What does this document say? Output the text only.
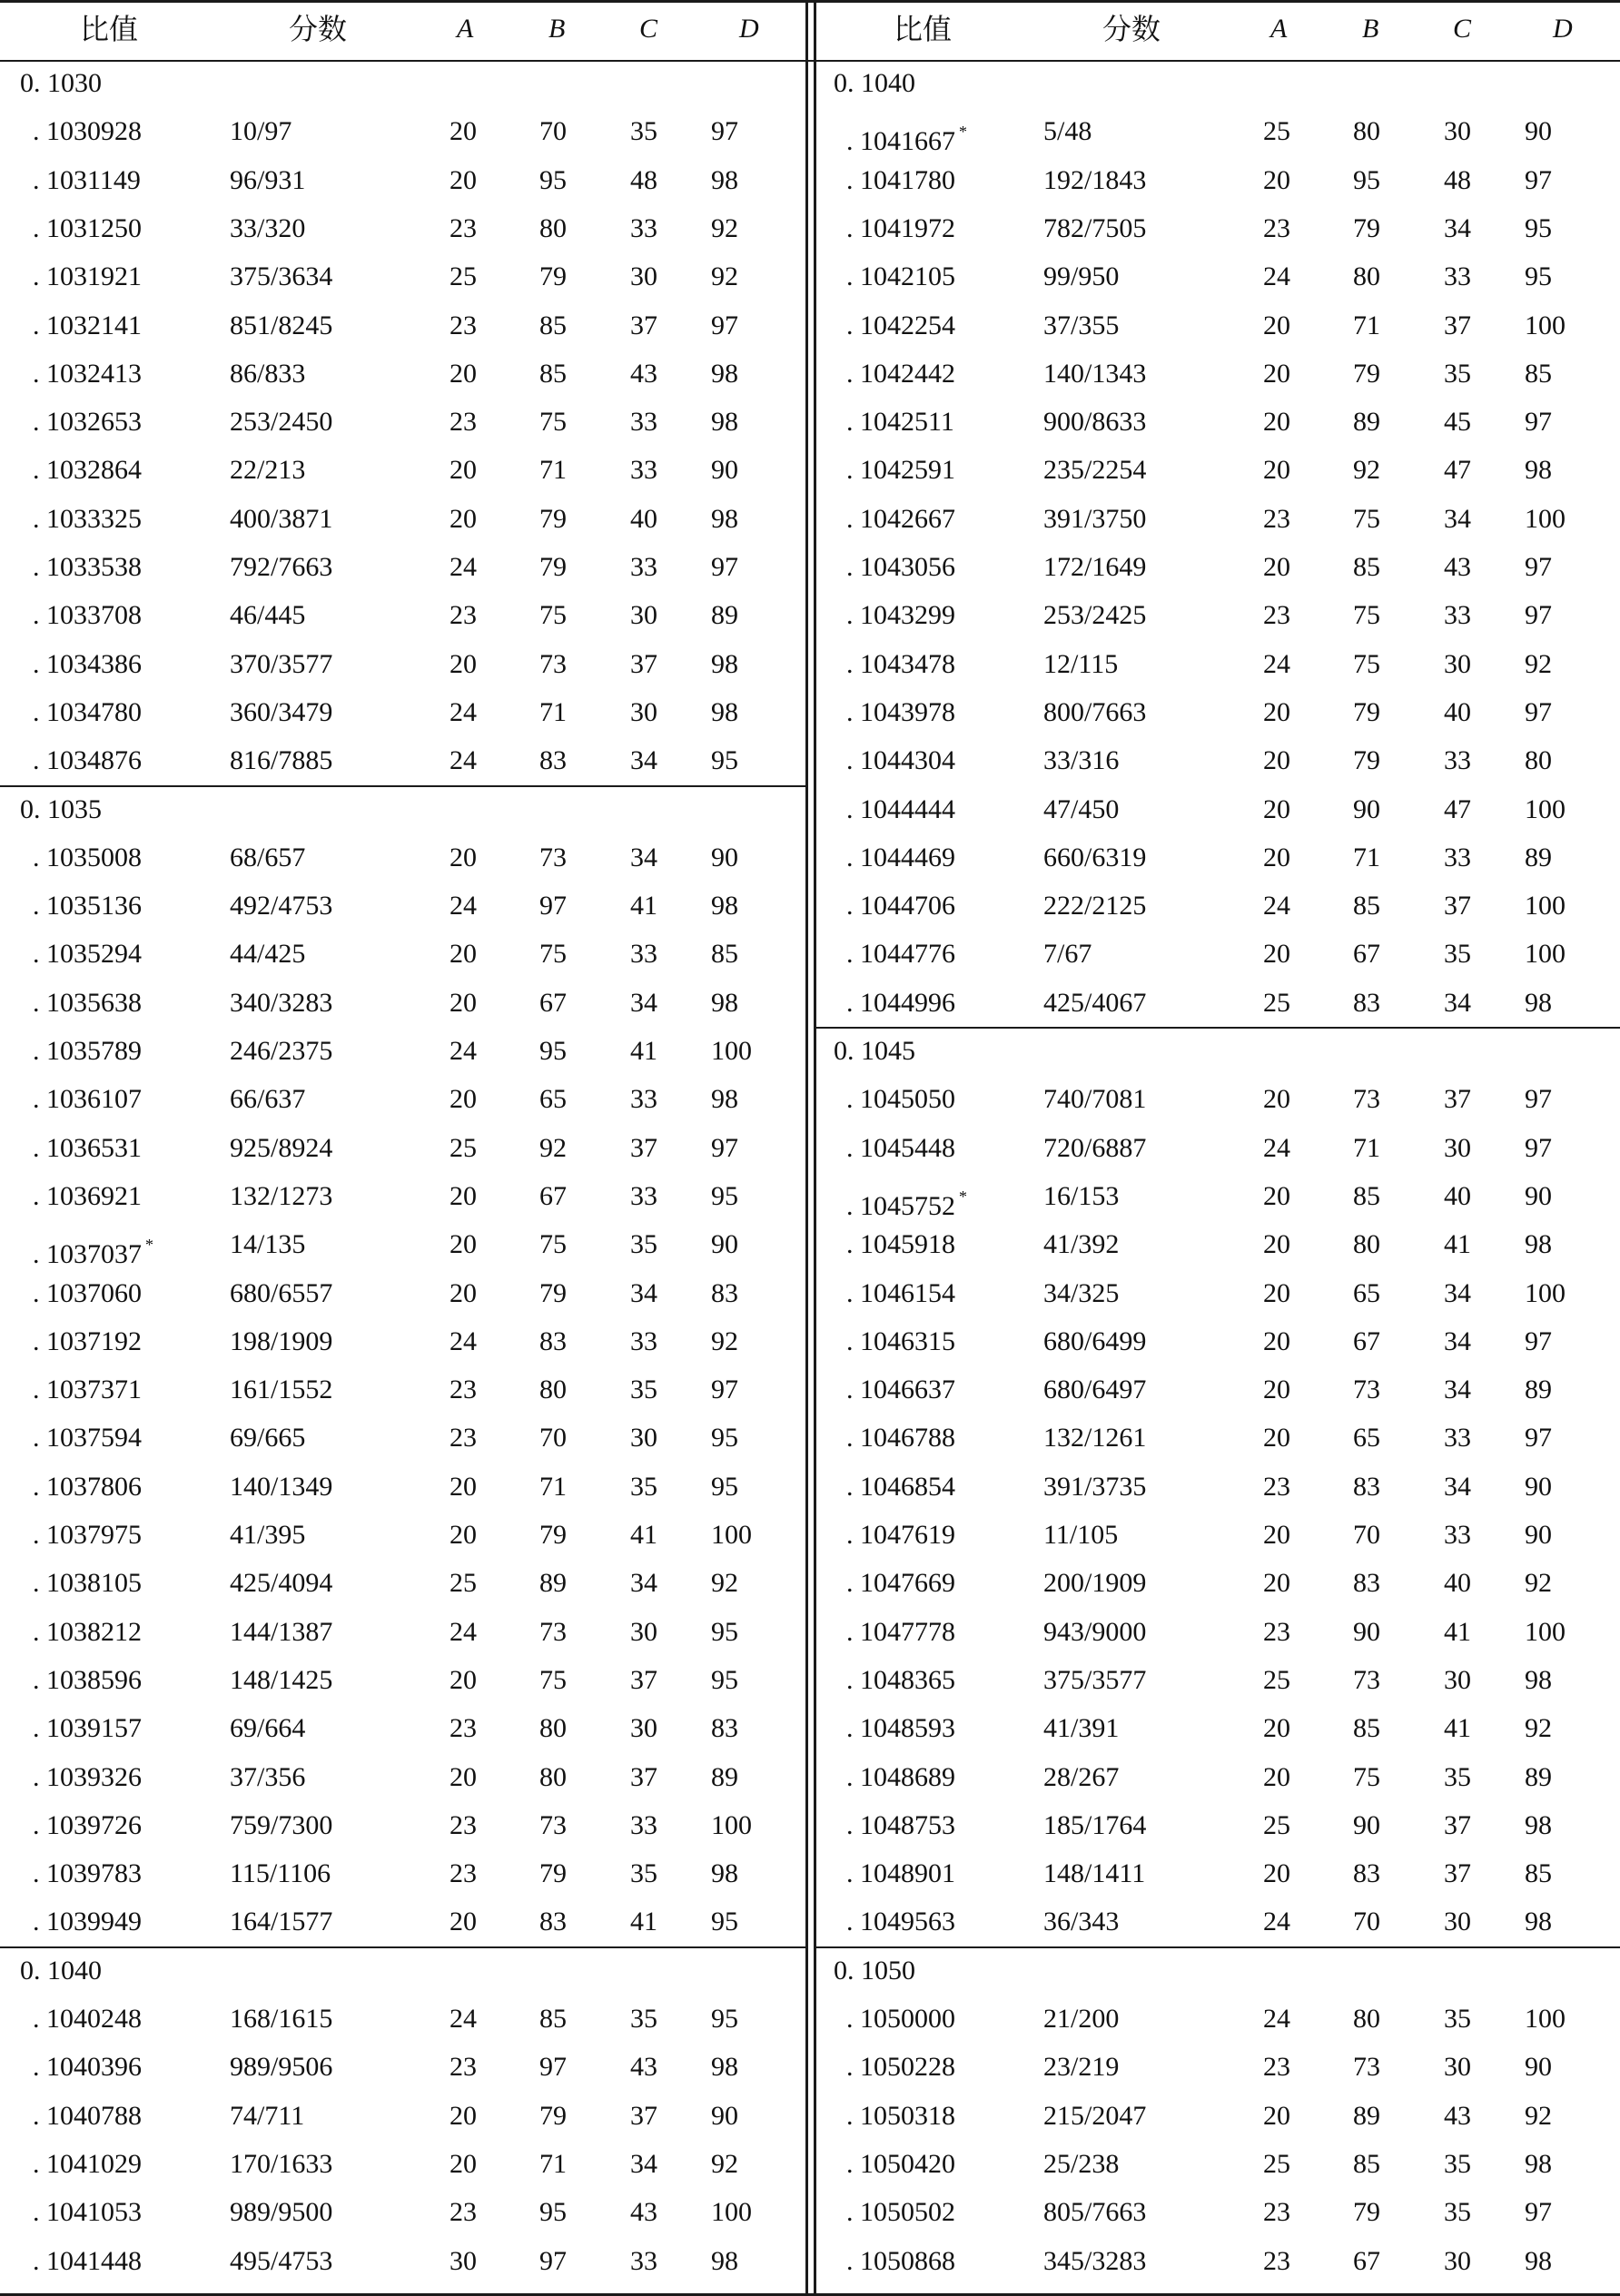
比值	分数	A	B	C	D
0. 1030
. 1030928	10/97	20 70 35 97
. 1031149	96/931	20 95 48 98
. 1031250	33/320	23 80 33 92
. 1031921	375/3634	25 79 30 92
. 1032141	851/8245	23 85 37 97
. 1032413	86/833	20 85 43 98
. 1032653	253/2450	23 75 33 98
. 1032864	22/213	20 71 33 90
. 1033325	400/3871	20 79 40 98
. 1033538	792/7663	24 79 33 97
. 1033708	46/445	23 75 30 89
. 1034386	370/3577	20 73 37 98
. 1034780	360/3479	24 71 30 98
. 1034876	816/7885	24 83 34 95
0. 1035
. 1035008	68/657	20 73 34 90
. 1035136	492/4753	24 97 41 98
. 1035294	44/425	20 75 33 85
. 1035638	340/3283	20 67 34 98
. 1035789	246/2375	24 95 41 100
. 1036107	66/637	20 65 33 98
. 1036531	925/8924	25 92 37 97
. 1036921	132/1273	20 67 33 95
. 1037037 *	14/135	20 75 35 90
. 1037060	680/6557	20 79 34 83
. 1037192	198/1909	24 83 33 92
. 1037371	161/1552	23 80 35 97
. 1037594	69/665	23 70 30 95
. 1037806	140/1349	20 71 35 95
. 1037975	41/395	20 79 41 100
. 1038105	425/4094	25 89 34 92
. 1038212	144/1387	24 73 30 95
. 1038596	148/1425	20 75 37 95
. 1039157	69/664	23 80 30 83
. 1039326	37/356	20 80 37 89
. 1039726	759/7300	23 73 33 100
. 1039783	115/1106	23 79 35 98
. 1039949	164/1577	20 83 41 95
0. 1040
. 1040248	168/1615	24 85 35 95
. 1040396	989/9506	23 97 43 98
. 1040788	74/711	20 79 37 90
. 1041029	170/1633	20 71 34 92
. 1041053	989/9500	23 95 43 100
. 1041448	495/4753	30 97 33 98
比值	分数	A	B	C	D
0. 1040
. 1041667 *	5/48	25 80 30 90
. 1041780	192/1843	20 95 48 97
. 1041972	782/7505	23 79 34 95
. 1042105	99/950	24 80 33 95
. 1042254	37/355	20 71 37 100
. 1042442	140/1343	20 79 35 85
. 1042511	900/8633	20 89 45 97
. 1042591	235/2254	20 92 47 98
. 1042667	391/3750	23 75 34 100
. 1043056	172/1649	20 85 43 97
. 1043299	253/2425	23 75 33 97
. 1043478	12/115	24 75 30 92
. 1043978	800/7663	20 79 40 97
. 1044304	33/316	20 79 33 80
. 1044444	47/450	20 90 47 100
. 1044469	660/6319	20 71 33 89
. 1044706	222/2125	24 85 37 100
. 1044776	7/67	20 67 35 100
. 1044996	425/4067	25 83 34 98
0. 1045
. 1045050	740/7081	20 73 37 97
. 1045448	720/6887	24 71 30 97
. 1045752 *	16/153	20 85 40 90
. 1045918	41/392	20 80 41 98
. 1046154	34/325	20 65 34 100
. 1046315	680/6499	20 67 34 97
. 1046637	680/6497	20 73 34 89
. 1046788	132/1261	20 65 33 97
. 1046854	391/3735	23 83 34 90
. 1047619	11/105	20 70 33 90
. 1047669	200/1909	20 83 40 92
. 1047778	943/9000	23 90 41 100
. 1048365	375/3577	25 73 30 98
. 1048593	41/391	20 85 41 92
. 1048689	28/267	20 75 35 89
. 1048753	185/1764	25 90 37 98
. 1048901	148/1411	20 83 37 85
. 1049563	36/343	24 70 30 98
0. 1050
. 1050000	21/200	24 80 35 100
. 1050228	23/219	23 73 30 90
. 1050318	215/2047	20 89 43 92
. 1050420	25/238	25 85 35 98
. 1050502	805/7663	23 79 35 97
. 1050868	345/3283	23 67 30 98
